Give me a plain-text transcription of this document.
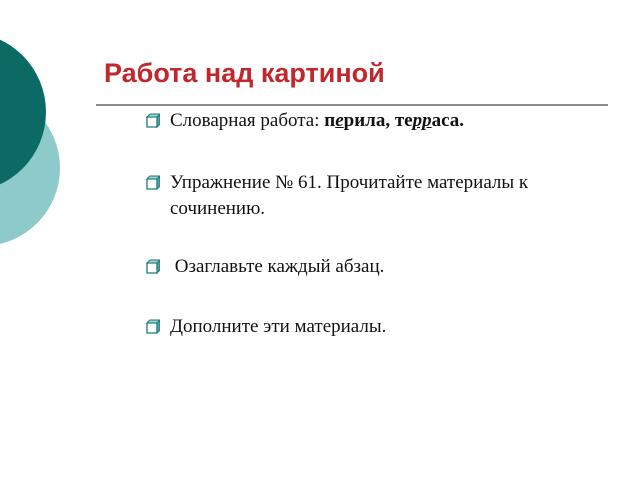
Работа над картиной
Словарная работа: перила, терраса.
Упражнение № 61. Прочитайте материалы к сочинению.
Озаглавьте каждый абзац.
Дополните эти материалы.
